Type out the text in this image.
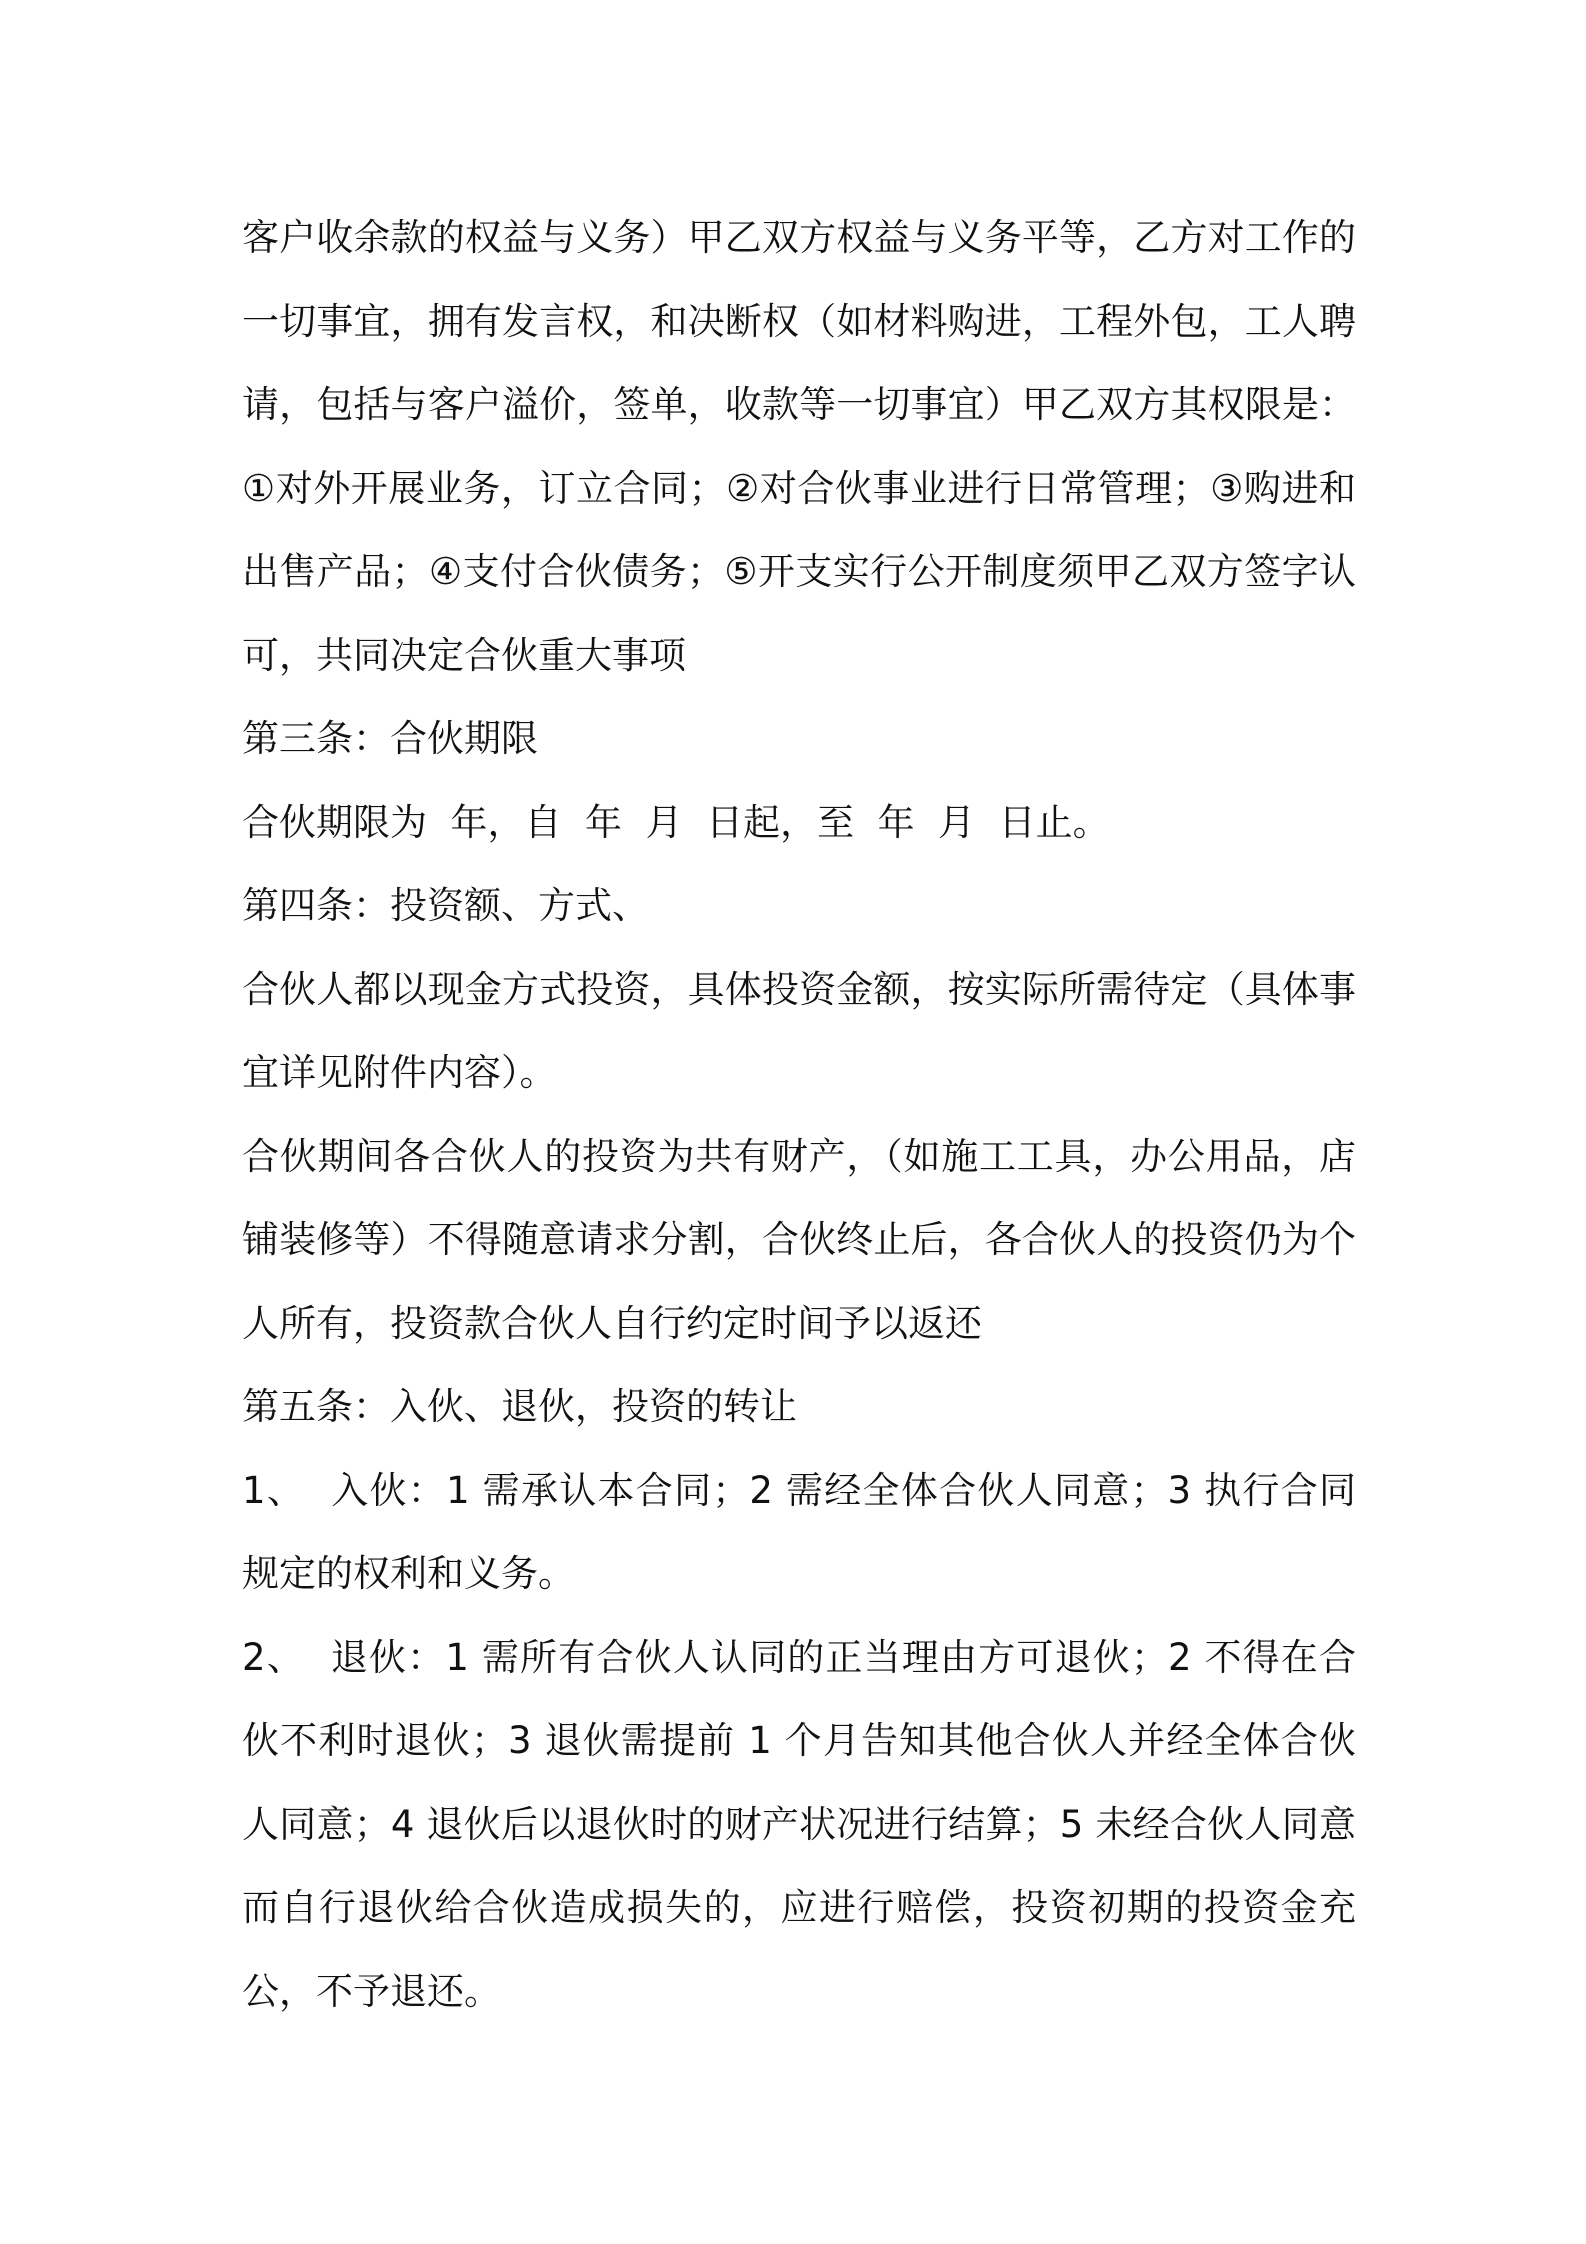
客户收余款的权益与义务）甲乙双方权益与义务平等，乙方对工作的一切事宜，拥有发言权，和决断权（如材料购进，工程外包，工人聘请，包括与客户溢价，签单，收款等一切事宜）甲乙双方其权限是：①对外开展业务，订立合同；②对合伙事业进行日常管理；③购进和出售产品；④支付合伙债务；⑤开支实行公开制度须甲乙双方签字认可，共同决定合伙重大事项

第三条：合伙期限

合伙期限为  年，自  年  月  日起，至  年  月  日止。

第四条：投资额、方式、

合伙人都以现金方式投资，具体投资金额，按实际所需待定（具体事宜详见附件内容）。

合伙期间各合伙人的投资为共有财产，（如施工工具，办公用品，店铺装修等）不得随意请求分割，合伙终止后，各合伙人的投资仍为个人所有，投资款合伙人自行约定时间予以返还

第五条：入伙、退伙，投资的转让

1、  入伙：1 需承认本合同；2 需经全体合伙人同意；3 执行合同规定的权利和义务。

2、  退伙：1 需所有合伙人认同的正当理由方可退伙；2 不得在合伙不利时退伙；3 退伙需提前 1 个月告知其他合伙人并经全体合伙人同意；4 退伙后以退伙时的财产状况进行结算；5 未经合伙人同意而自行退伙给合伙造成损失的，应进行赔偿，投资初期的投资金充公，不予退还。
